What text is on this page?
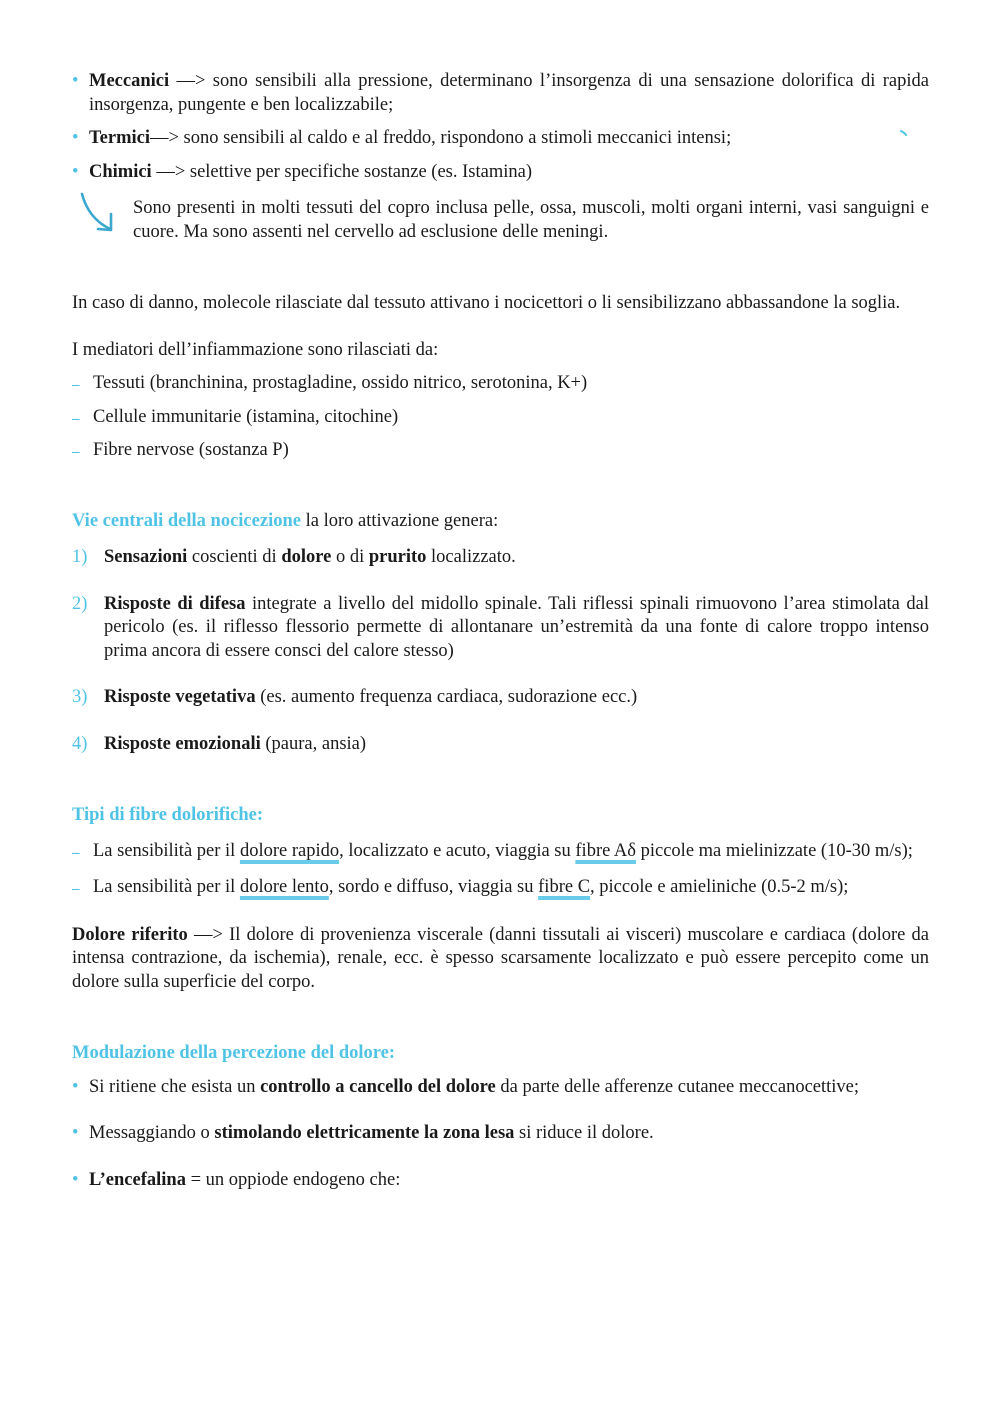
• Meccanici —> sono sensibili alla pressione, determinano l’insorgenza di una sensazione dolorifica di rapida insorgenza, pungente e ben localizzabile;
• Termici—> sono sensibili al caldo e al freddo, rispondono a stimoli meccanici intensi;
• Chimici —> selettive per specifiche sostanze (es. Istamina)
Sono presenti in molti tessuti del copro inclusa pelle, ossa, muscoli, molti organi interni, vasi sanguigni e cuore. Ma sono assenti nel cervello ad esclusione delle meningi.

In caso di danno, molecole rilasciate dal tessuto attivano i nocicettori o li sensibilizzano abbassandone la soglia.

I mediatori dell’infiammazione sono rilasciati da:

– Tessuti (branchinina, prostagladine, ossido nitrico, serotonina, K+)
– Cellule immunitarie (istamina, citochine)
– Fibre nervose (sostanza P)

Vie centrali della nocicezione la loro attivazione genera:

1) Sensazioni coscienti di dolore o di prurito localizzato.
2) Risposte di difesa integrate a livello del midollo spinale. Tali riflessi spinali rimuovono l’area stimolata dal pericolo (es. il riflesso flessorio permette di allontanare un’estremità da una fonte di calore troppo intenso prima ancora di essere consci del calore stesso)
3) Risposte vegetativa (es. aumento frequenza cardiaca, sudorazione ecc.)
4) Risposte emozionali (paura, ansia)

Tipi di fibre dolorifiche:

– La sensibilità per il dolore rapido, localizzato e acuto, viaggia su fibre Aδ piccole ma mielinizzate (10-30 m/s);
– La sensibilità per il dolore lento, sordo e diffuso, viaggia su fibre C, piccole e amieliniche (0.5-2 m/s);

Dolore riferito —> Il dolore di provenienza viscerale (danni tissutali ai visceri) muscolare e cardiaca (dolore da intensa contrazione, da ischemia), renale, ecc. è spesso scarsamente localizzato e può essere percepito come un dolore sulla superficie del corpo.

Modulazione della percezione del dolore:

• Si ritiene che esista un controllo a cancello del dolore da parte delle afferenze cutanee meccanocettive;
• Messaggiando o stimolando elettricamente la zona lesa si riduce il dolore.
• L’encefalina = un oppiode endogeno che:
